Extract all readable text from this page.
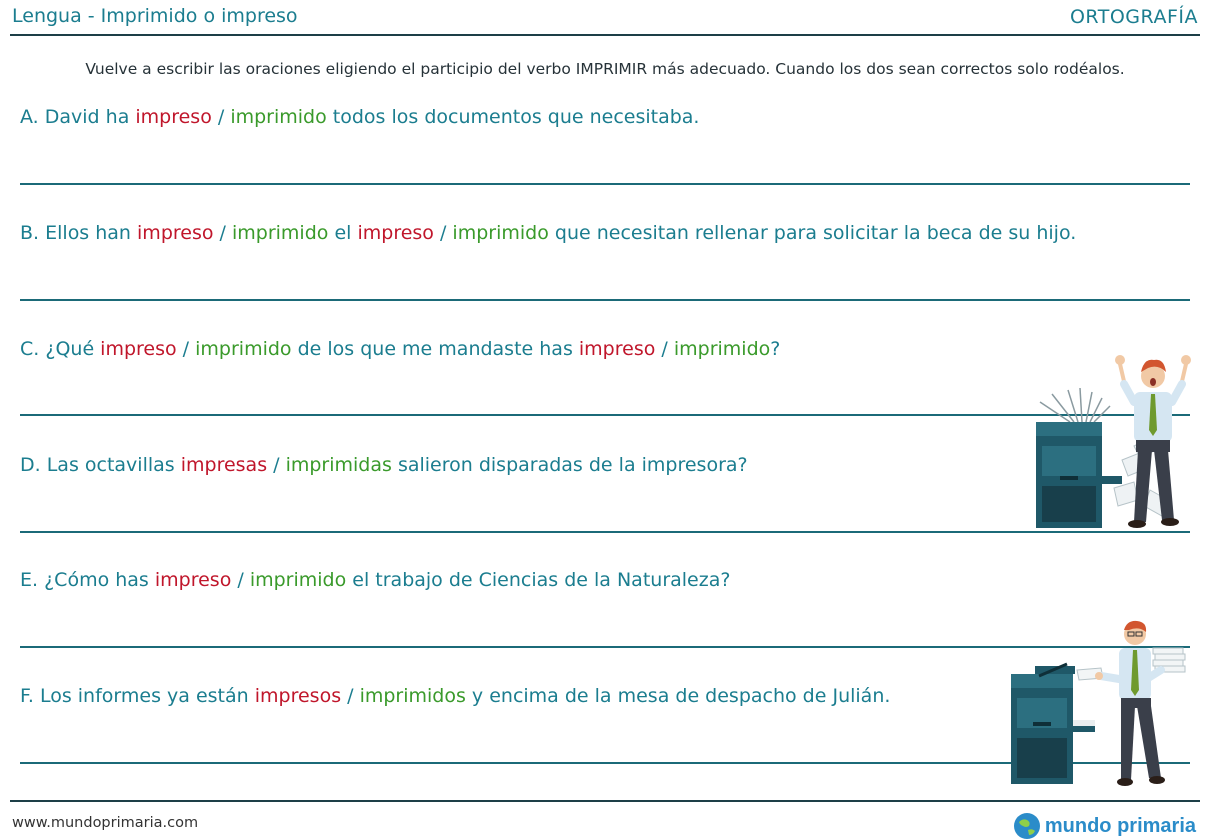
Lengua - Imprimido o impreso	ORTOGRAFÍA
Vuelve a escribir las oraciones eligiendo el participio del verbo IMPRIMIR más adecuado. Cuando los dos sean correctos solo rodéalos.
A. David ha impreso / imprimido todos los documentos que necesitaba.
B. Ellos han impreso / imprimido el impreso / imprimido que necesitan rellenar para solicitar la beca de su hijo.
C. ¿Qué impreso / imprimido de los que me mandaste has impreso / imprimido?
D. Las octavillas impresas / imprimidas salieron disparadas de la impresora?
E. ¿Cómo has impreso / imprimido el trabajo de Ciencias de la Naturaleza?
F. Los informes ya están impresos / imprimidos y encima de la mesa de despacho de Julián.
www.mundoprimaria.com	mundo primaria
